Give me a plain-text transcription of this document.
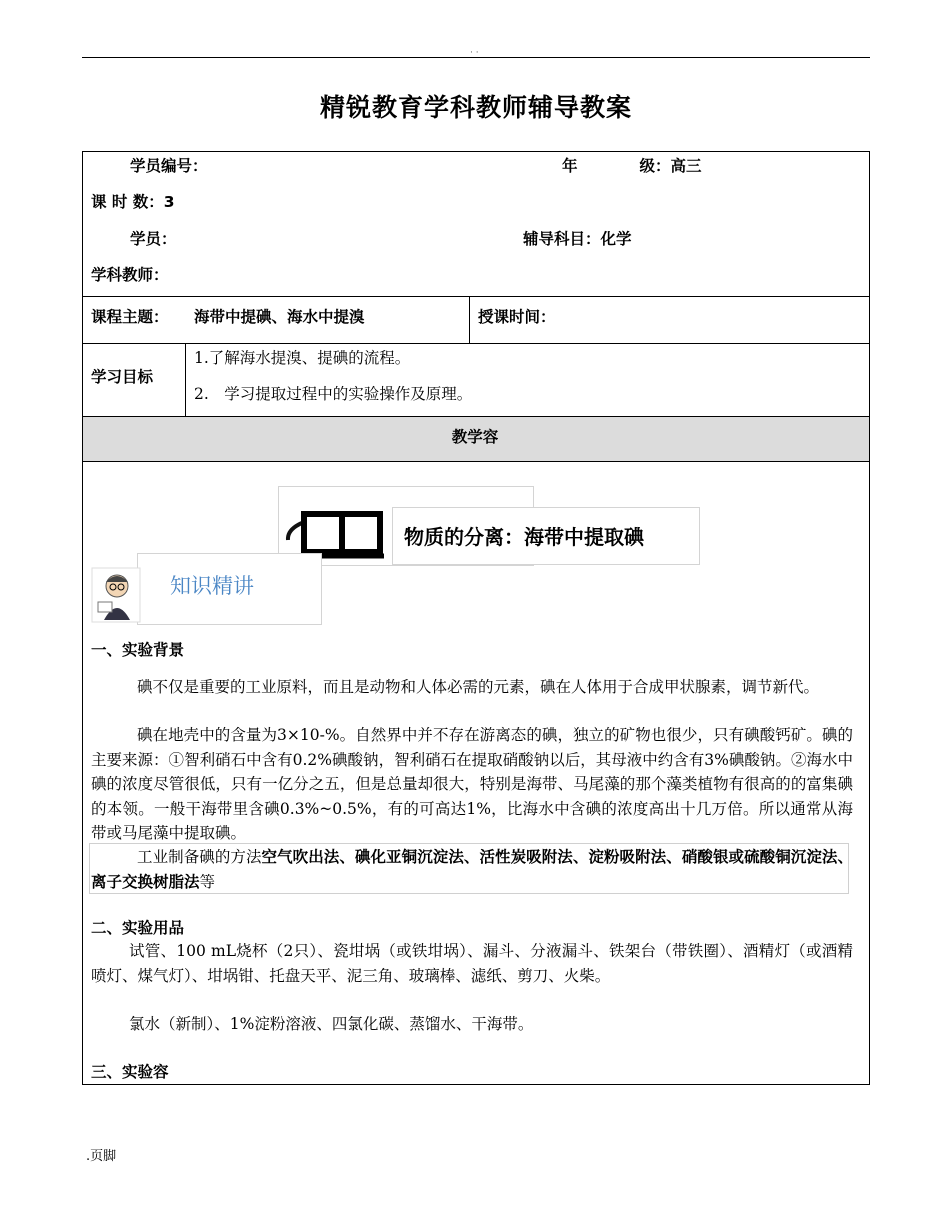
· ·
精锐教育学科教师辅导教案
学员编号：	年　　　　级：高三
课 时 数：3
学员：	辅导科目：化学
学科教师：
课程主题： 海带中提碘、海水中提溴	授课时间：
学习目标
1.了解海水提溴、提碘的流程。
2.　学习提取过程中的实验操作及原理。
教学容
物质的分离：海带中提取碘
知识精讲
一、实验背景
碘不仅是重要的工业原料，而且是动物和人体必需的元素，碘在人体用于合成甲状腺素，调节新代。
碘在地壳中的含量为3×10-%。自然界中并不存在游离态的碘，独立的矿物也很少，只有碘酸钙矿。碘的主要来源：①智利硝石中含有0.2%碘酸钠，智利硝石在提取硝酸钠以后，其母液中约含有3%碘酸钠。②海水中碘的浓度尽管很低，只有一亿分之五，但是总量却很大，特别是海带、马尾藻的那个藻类植物有很高的的富集碘的本领。一般干海带里含碘0.3%~0.5%，有的可高达1%，比海水中含碘的浓度高出十几万倍。所以通常从海带或马尾藻中提取碘。
工业制备碘的方法空气吹出法、碘化亚铜沉淀法、活性炭吸附法、淀粉吸附法、硝酸银或硫酸铜沉淀法、离子交换树脂法等
二、实验用品
试管、100 mL烧杯（2只）、瓷坩埚（或铁坩埚）、漏斗、分液漏斗、铁架台（带铁圈）、酒精灯（或酒精喷灯、煤气灯）、坩埚钳、托盘天平、泥三角、玻璃棒、滤纸、剪刀、火柴。
氯水（新制）、1%淀粉溶液、四氯化碳、蒸馏水、干海带。
三、实验容
.页脚
